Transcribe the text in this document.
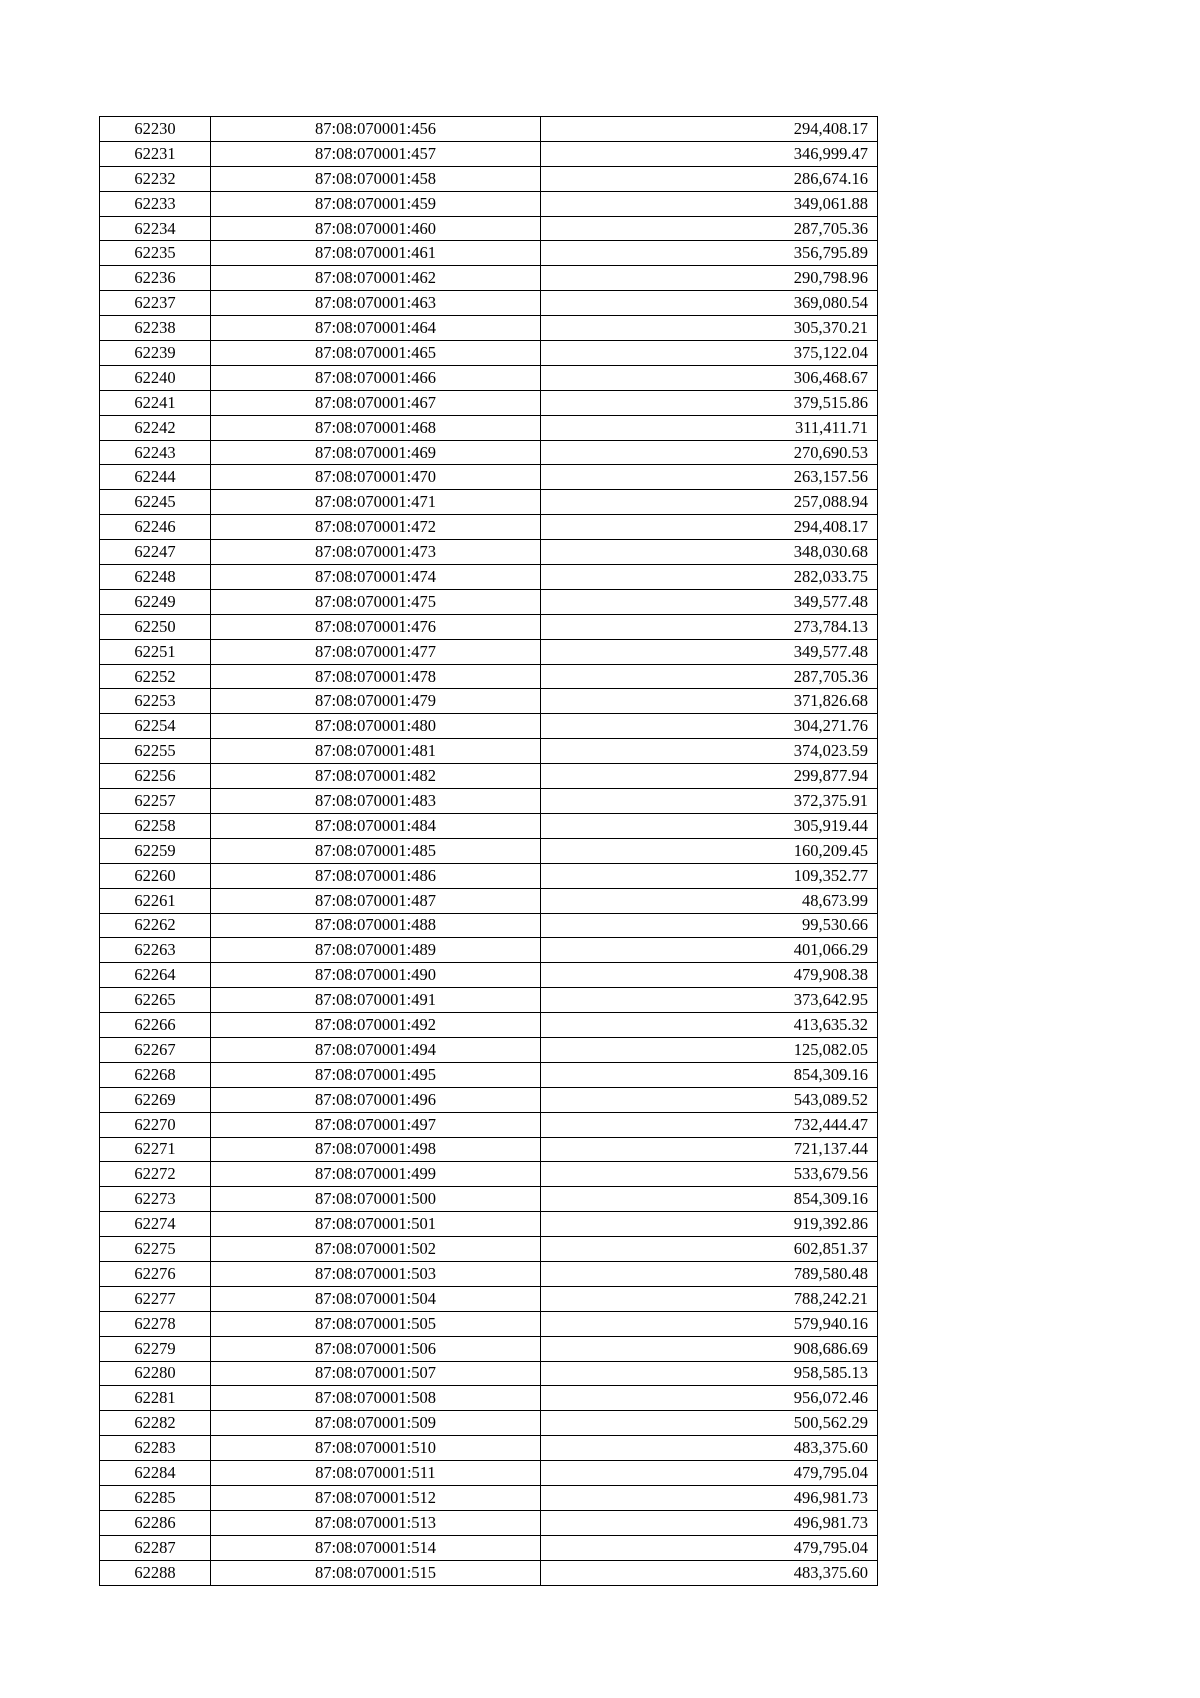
62230	87:08:070001:456	294,408.17
62231	87:08:070001:457	346,999.47
62232	87:08:070001:458	286,674.16
62233	87:08:070001:459	349,061.88
62234	87:08:070001:460	287,705.36
62235	87:08:070001:461	356,795.89
62236	87:08:070001:462	290,798.96
62237	87:08:070001:463	369,080.54
62238	87:08:070001:464	305,370.21
62239	87:08:070001:465	375,122.04
62240	87:08:070001:466	306,468.67
62241	87:08:070001:467	379,515.86
62242	87:08:070001:468	311,411.71
62243	87:08:070001:469	270,690.53
62244	87:08:070001:470	263,157.56
62245	87:08:070001:471	257,088.94
62246	87:08:070001:472	294,408.17
62247	87:08:070001:473	348,030.68
62248	87:08:070001:474	282,033.75
62249	87:08:070001:475	349,577.48
62250	87:08:070001:476	273,784.13
62251	87:08:070001:477	349,577.48
62252	87:08:070001:478	287,705.36
62253	87:08:070001:479	371,826.68
62254	87:08:070001:480	304,271.76
62255	87:08:070001:481	374,023.59
62256	87:08:070001:482	299,877.94
62257	87:08:070001:483	372,375.91
62258	87:08:070001:484	305,919.44
62259	87:08:070001:485	160,209.45
62260	87:08:070001:486	109,352.77
62261	87:08:070001:487	48,673.99
62262	87:08:070001:488	99,530.66
62263	87:08:070001:489	401,066.29
62264	87:08:070001:490	479,908.38
62265	87:08:070001:491	373,642.95
62266	87:08:070001:492	413,635.32
62267	87:08:070001:494	125,082.05
62268	87:08:070001:495	854,309.16
62269	87:08:070001:496	543,089.52
62270	87:08:070001:497	732,444.47
62271	87:08:070001:498	721,137.44
62272	87:08:070001:499	533,679.56
62273	87:08:070001:500	854,309.16
62274	87:08:070001:501	919,392.86
62275	87:08:070001:502	602,851.37
62276	87:08:070001:503	789,580.48
62277	87:08:070001:504	788,242.21
62278	87:08:070001:505	579,940.16
62279	87:08:070001:506	908,686.69
62280	87:08:070001:507	958,585.13
62281	87:08:070001:508	956,072.46
62282	87:08:070001:509	500,562.29
62283	87:08:070001:510	483,375.60
62284	87:08:070001:511	479,795.04
62285	87:08:070001:512	496,981.73
62286	87:08:070001:513	496,981.73
62287	87:08:070001:514	479,795.04
62288	87:08:070001:515	483,375.60
